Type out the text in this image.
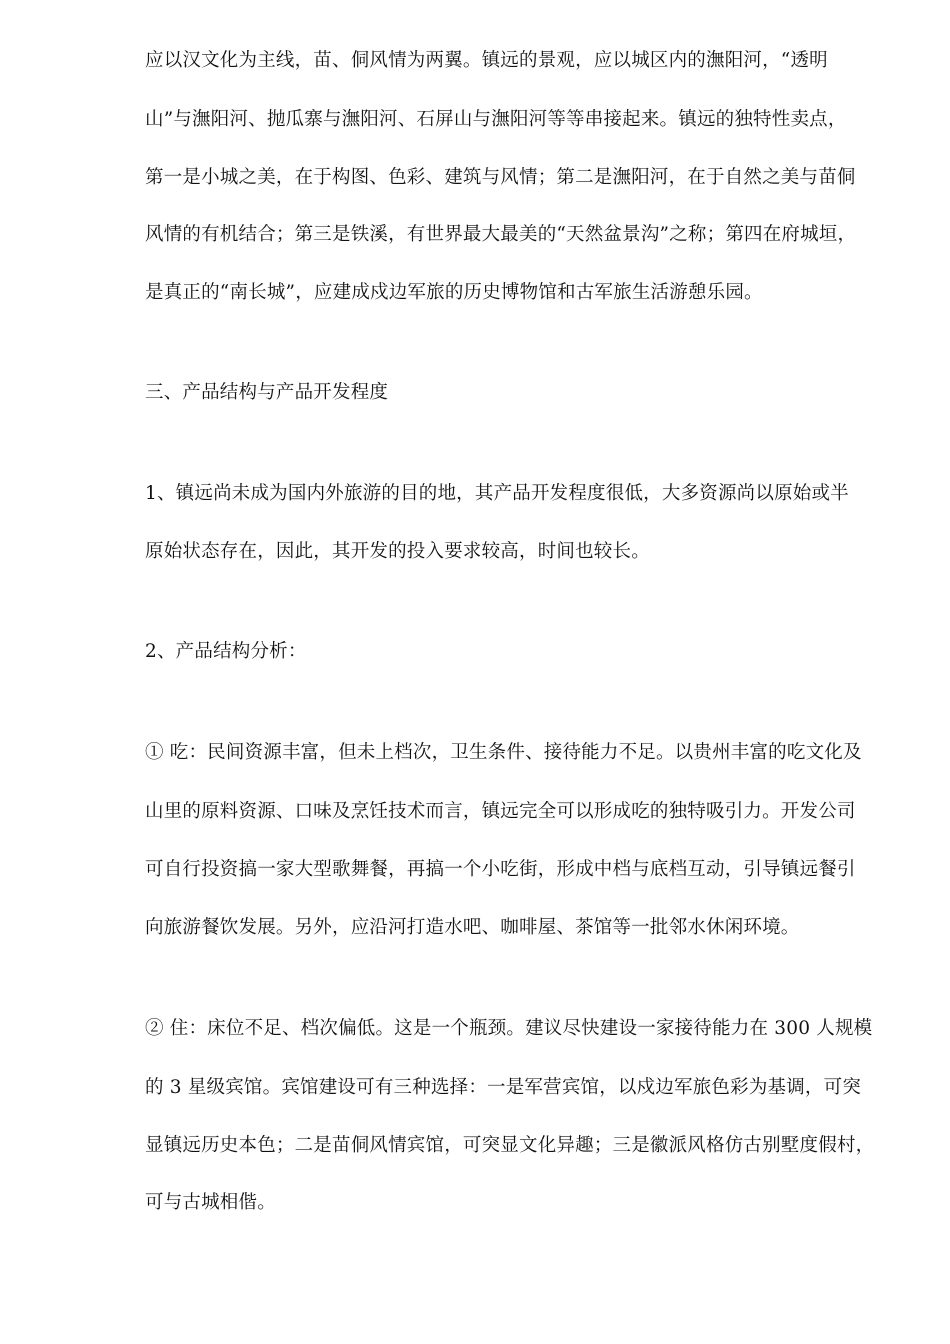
应以汉文化为主线，苗、侗风情为两翼。镇远的景观，应以城区内的潕阳河，“透明
山”与潕阳河、抛瓜寨与潕阳河、石屏山与潕阳河等等串接起来。镇远的独特性卖点，
第一是小城之美，在于构图、色彩、建筑与风情；第二是潕阳河，在于自然之美与苗侗
风情的有机结合；第三是铁溪，有世界最大最美的“天然盆景沟”之称；第四在府城垣，
是真正的“南长城”，应建成戍边军旅的历史博物馆和古军旅生活游憩乐园。
三、产品结构与产品开发程度
1、镇远尚未成为国内外旅游的目的地，其产品开发程度很低，大多资源尚以原始或半
原始状态存在，因此，其开发的投入要求较高，时间也较长。
2、产品结构分析：
① 吃：民间资源丰富，但未上档次，卫生条件、接待能力不足。以贵州丰富的吃文化及
山里的原料资源、口味及烹饪技术而言，镇远完全可以形成吃的独特吸引力。开发公司
可自行投资搞一家大型歌舞餐，再搞一个小吃街，形成中档与底档互动，引导镇远餐引
向旅游餐饮发展。另外，应沿河打造水吧、咖啡屋、茶馆等一批邻水休闲环境。
② 住：床位不足、档次偏低。这是一个瓶颈。建议尽快建设一家接待能力在 300 人规模
的 3 星级宾馆。宾馆建设可有三种选择：一是军营宾馆，以戍边军旅色彩为基调，可突
显镇远历史本色；二是苗侗风情宾馆，可突显文化异趣；三是徽派风格仿古别墅度假村，
可与古城相偕。
